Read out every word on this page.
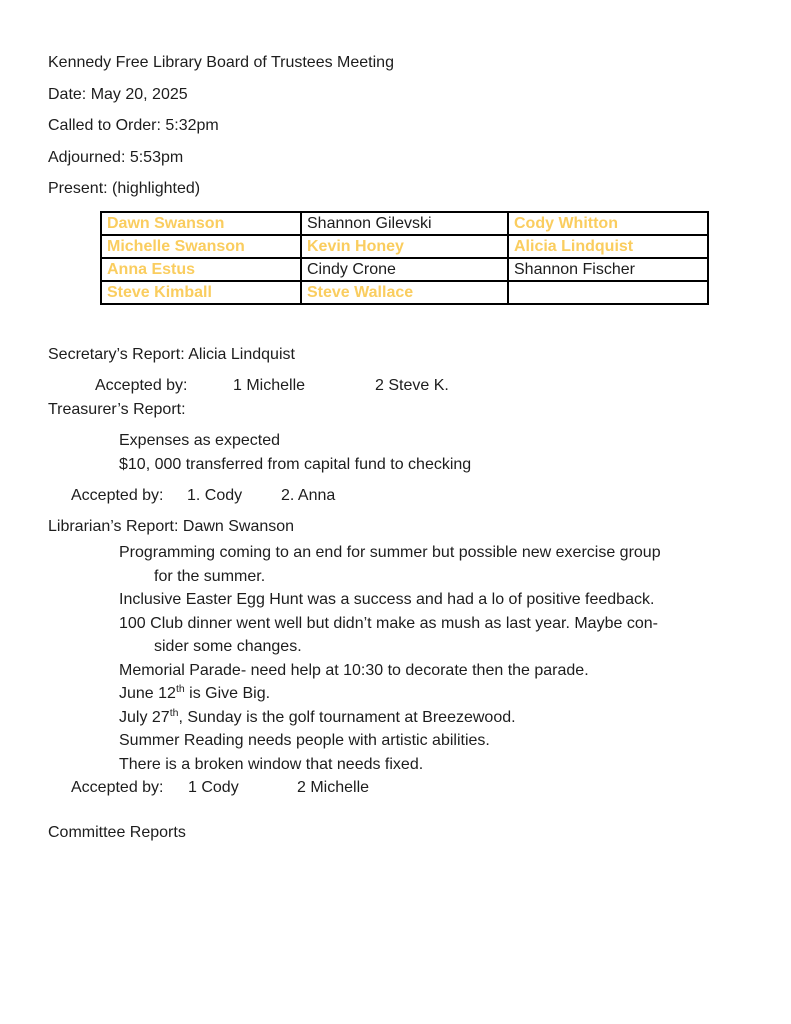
Kennedy Free Library Board of Trustees Meeting

Date: May 20, 2025

Called to Order: 5:32pm

Adjourned: 5:53pm

Present: (highlighted)

Dawn Swanson	Shannon Gilevski	Cody Whitton
Michelle Swanson	Kevin Honey	Alicia Lindquist
Anna Estus	Cindy Crone	Shannon Fischer
Steve Kimball	Steve Wallace	

Secretary’s Report: Alicia Lindquist

Accepted by:	1 Michelle	2 Steve K.

Treasurer’s Report:

Expenses as expected

$10, 000 transferred from capital fund to checking

Accepted by: 1. Cody 2. Anna

Librarian’s Report: Dawn Swanson

Programming coming to an end for summer but possible new exercise group
for the summer.
Inclusive Easter Egg Hunt was a success and had a lo of positive feedback.
100 Club dinner went well but didn’t make as mush as last year. Maybe con-
sider some changes.
Memorial Parade- need help at 10:30 to decorate then the parade.
June 12th is Give Big.
July 27th, Sunday is the golf tournament at Breezewood.
Summer Reading needs people with artistic abilities.
There is a broken window that needs fixed.

Accepted by: 1 Cody	2 Michelle

Committee Reports
